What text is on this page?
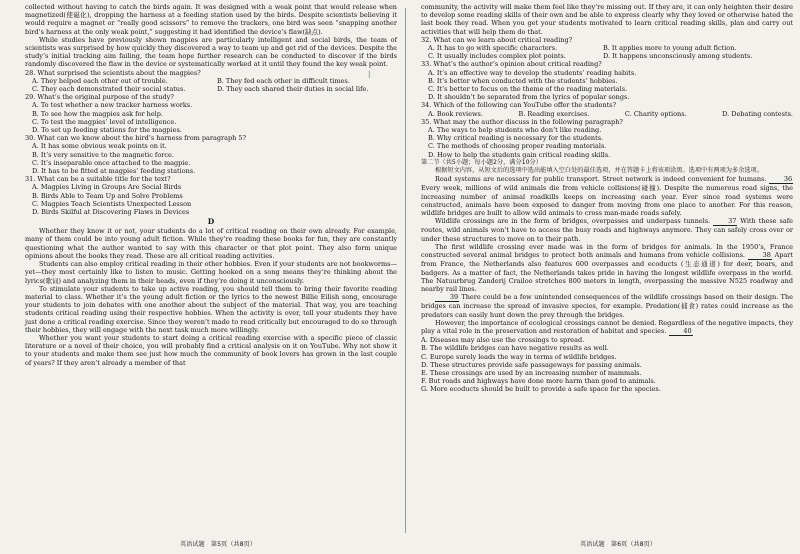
|
collected without having to catch the birds again. It was designed with a weak point that would release when magnetized(使磁化), dropping the harness at a feeding station used by the birds. Despite scientists believing it would require a magnet or “really good scissors” to remove the trackers, one bird was seen “snapping another bird’s harness at the only weak point,” suggesting it had identified the device’s flaw(缺点).
While studies have previously shown magpies are particularly intelligent and social birds, the team of scientists was surprised by how quickly they discovered a way to team up and get rid of the devices. Despite the study’s initial tracking aim failing, the team hope further research can be conducted to discover if the birds randomly discovered the flaw in the device or systematically worked at it until they found the key weak point.
28. What surprised the scientists about the magpies?
A. They helped each other out of trouble.	B. They fed each other in difficult times.
C. They each demonstrated their social status.	D. They each shared their duties in social life.
29. What’s the original purpose of the study?
A. To test whether a new tracker harness works.
B. To see how the magpies ask for help.
C. To test the magpies’ level of intelligence.
D. To set up feeding stations for the magpies.
30. What can we know about the bird’s harness from paragraph 5?
A. It has some obvious weak points on it.
B. It’s very sensitive to the magnetic force.
C. It’s inseparable once attached to the magpie.
D. It has to be fitted at magpies’ feeding stations.
31. What can be a suitable title for the text?
A. Magpies Living in Groups Are Social Birds
B. Birds Able to Team Up and Solve Problems
C. Magpies Teach Scientists Unexpected Lesson
D. Birds Skilful at Discovering Flaws in Devices
D
Whether they know it or not, your students do a lot of critical reading on their own already. For example, many of them could be into young adult fiction. While they’re reading these books for fun, they are constantly questioning what the author wanted to say with this character or that plot point. They also form unique opinions about the books they read. These are all critical reading activities.
Students can also employ critical reading in their other hobbies. Even if your students are not bookworms—yet—they most certainly like to listen to music. Getting hooked on a song means they’re thinking about the lyrics(歌词) and analyzing them in their heads, even if they’re doing it unconsciously.
To stimulate your students to take up active reading, you should tell them to bring their favorite reading material to class. Whether it’s the young adult fiction or the lyrics to the newest Billie Eilish song, encourage your students to join debates with one another about the subject of the material. That way, you are teaching students critical reading using their respective hobbies. When the activity is over, tell your students they have just done a critical reading exercise. Since they weren’t made to read critically but encouraged to do so through their hobbies, they will engage with the next task much more willingly.
Whether you want your students to start doing a critical reading exercise with a specific piece of classic literature or a novel of their choice, you will probably find a critical analysis on it on YouTube. Why not show it to your students and make them see just how much the community of book lovers has grown in the last couple of years? If they aren’t already a member of that
community, the activity will make them feel like they’re missing out. If they are, it can only heighten their desire to develop some reading skills of their own and be able to express clearly why they loved or otherwise hated the last book they read. When you get your students motivated to learn critical reading skills, plan and carry out activities that will help them do that.
32. What can we learn about critical reading?
A. It has to go with specific characters.	B. It applies more to young adult fiction.
C. It usually includes complex plot points.	D. It happens unconsciously among students.
33. What’s the author’s opinion about critical reading?
A. It’s an effective way to develop the students’ reading habits.
B. It’s better when conducted with the students’ hobbies.
C. It’s better to focus on the theme of the reading materials.
D. It shouldn’t be separated from the lyrics of popular songs.
34. Which of the following can YouTube offer the students?
A. Book reviews.	B. Reading exercises.	C. Charity options.	D. Debating contests.
35. What may the author discuss in the following paragraph?
A. The ways to help students who don’t like reading.
B. Why critical reading is necessary for the students.
C. The methods of choosing proper reading materials.
D. How to help the students gain critical reading skills.
第二节（共5小题；每小题2分，满分10分）
根据短文内容，从短文后的选项中选出能填入空白处的最佳选项，并在答题卡上将该项涂黑。选项中有两项为多余选项。
Road systems are necessary for public transport. Street network is indeed convenient for humans.	36 Every week, millions of wild animals die from vehicle collisions(碰撞). Despite the numerous road signs, the increasing number of animal roadkills keeps on increasing each year. Ever since road systems were constructed, animals have been exposed to danger from moving from one place to another. For this reason, wildlife bridges are built to allow wild animals to cross man-made roads safely.
Wildlife crossings are in the form of bridges, overpasses and underpass tunnels.	37 With these safe routes, wild animals won’t have to access the busy roads and highways anymore. They can safely cross over or under these structures to move on to their path.
The first wildlife crossing ever made was in the form of bridges for animals. In the 1950’s, France constructed several animal bridges to protect both animals and humans from vehicle collisions.	38 Apart from France, the Netherlands also features 600 overpasses and ecoducts (生态通道) for deer, boars, and badgers. As a matter of fact, the Netherlands takes pride in having the longest wildlife overpass in the world. The Natuurbrug Zanderij Crailoo stretches 800 meters in length, overpassing the massive N525 roadway and nearby rail lines.
39 There could be a few unintended consequences of the wildlife crossings based on their design. The bridges can increase the spread of invasive species, for example. Predation(捕食) rates could increase as the predators can easily hunt down the prey through the bridges.
However, the importance of ecological crossings cannot be denied. Regardless of the negative impacts, they play a vital role in the preservation and restoration of habitat and species.	40
A. Diseases may also use the crossings to spread.
B. The wildlife bridges can have negative results as well.
C. Europe surely leads the way in terms of wildlife bridges.
D. These structures provide safe passageways for passing animals.
E. These crossings are used by an increasing number of mammals.
F. But roads and highways have done more harm than good to animals.
G. More ecoducts should be built to provide a safe space for the species.
英语试题　第5页（共8页）	英语试题　第6页（共8页）
